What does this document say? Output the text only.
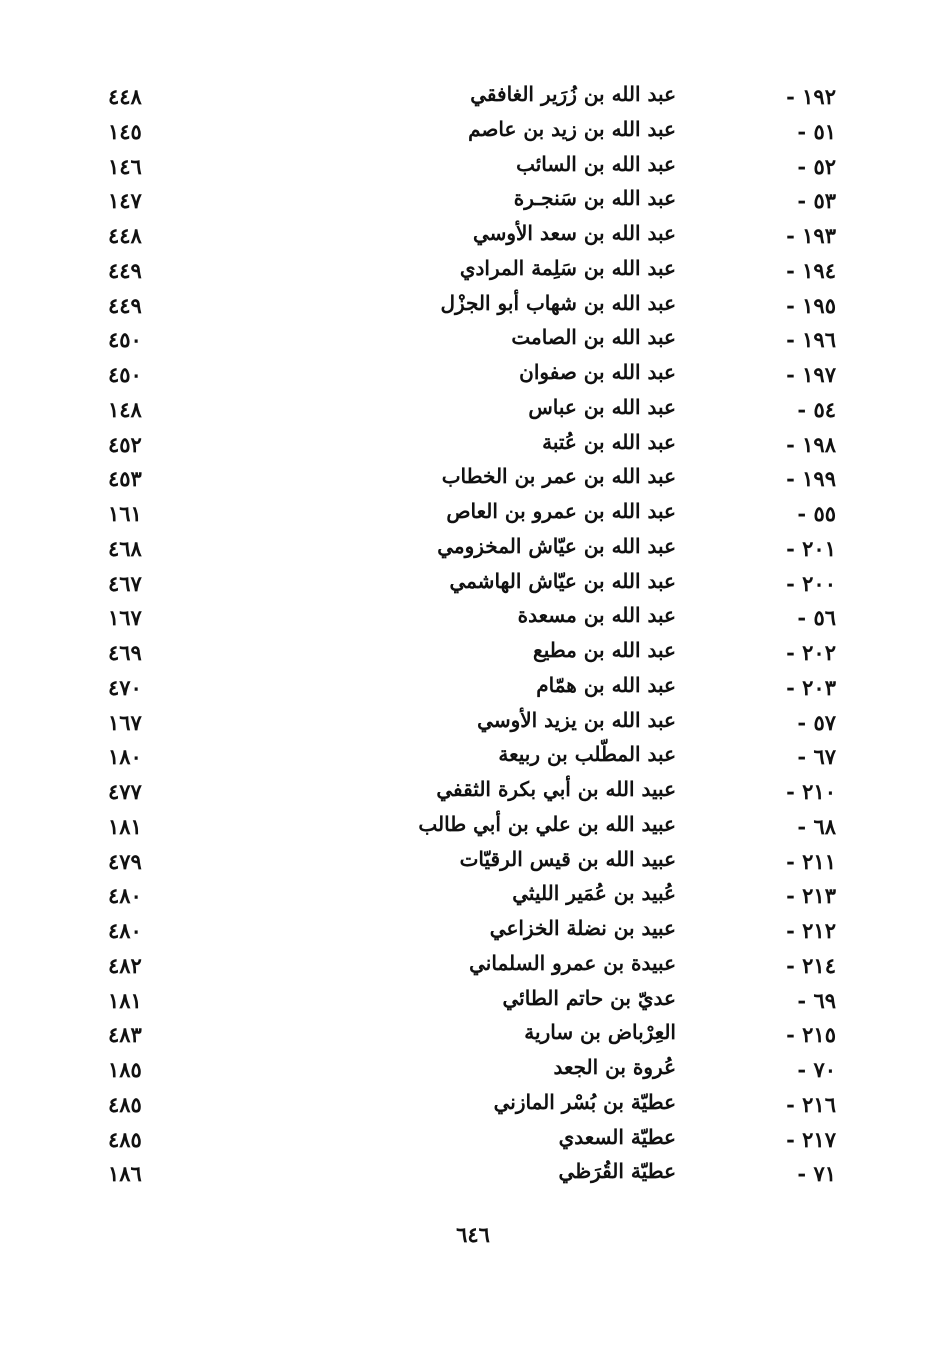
١٩٢ -
عبد الله بن زُرَير الغافقي
٤٤٨
٥١ -
عبد الله بن زيد بن عاصم
١٤٥
٥٢ -
عبد الله بن السائب
١٤٦
٥٣ -
عبد الله بن سَنجـرة
١٤٧
١٩٣ -
عبد الله بن سعد الأوسي
٤٤٨
١٩٤ -
عبد الله بن سَلِمة المرادي
٤٤٩
١٩٥ -
عبد الله بن شهاب أبو الجزْل
٤٤٩
١٩٦ -
عبد الله بن الصامت
٤٥٠
١٩٧ -
عبد الله بن صفوان
٤٥٠
٥٤ -
عبد الله بن عباس
١٤٨
١٩٨ -
عبد الله بن عُتبة
٤٥٢
١٩٩ -
عبد الله بن عمر بن الخطاب
٤٥٣
٥٥ -
عبد الله بن عمرو بن العاص
١٦١
٢٠١ -
عبد الله بن عيّاش المخزومي
٤٦٨
٢٠٠ -
عبد الله بن عيّاش الهاشمي
٤٦٧
٥٦ -
عبد الله بن مسعدة
١٦٧
٢٠٢ -
عبد الله بن مطيع
٤٦٩
٢٠٣ -
عبد الله بن همّام
٤٧٠
٥٧ -
عبد الله بن يزيد الأوسي
١٦٧
٦٧ -
عبد المطّلب بن ربيعة
١٨٠
٢١٠ -
عبيد الله بن أبي بكرة الثقفي
٤٧٧
٦٨ -
عبيد الله بن علي بن أبي طالب
١٨١
٢١١ -
عبيد الله بن قيس الرقيّات
٤٧٩
٢١٣ -
عُبيد بن عُمَير الليثي
٤٨٠
٢١٢ -
عبيد بن نضلة الخزاعي
٤٨٠
٢١٤ -
عبيدة بن عمرو السلماني
٤٨٢
٦٩ -
عديّ بن حاتم الطائي
١٨١
٢١٥ -
العِرْباض بن سارية
٤٨٣
٧٠ -
عُروة بن الجعد
١٨٥
٢١٦ -
عطيّة بن بُسْر المازني
٤٨٥
٢١٧ -
عطيّة السعدي
٤٨٥
٧١ -
عطيّة القُرَظي
١٨٦
٦٤٦
